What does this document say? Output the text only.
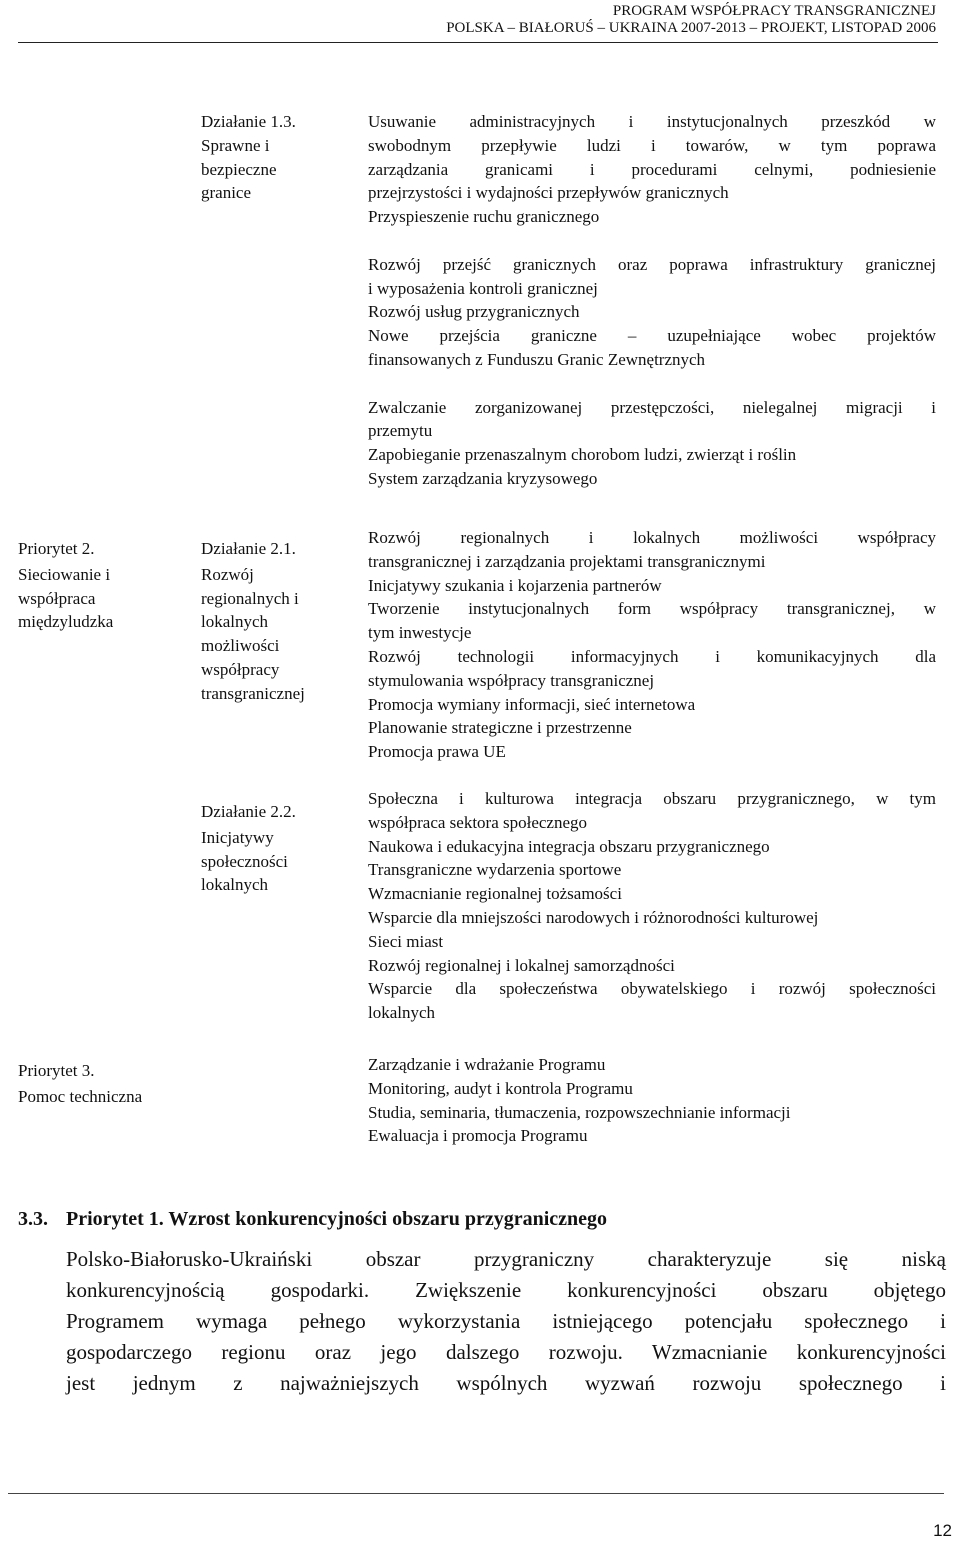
PROGRAM WSPÓŁPRACY TRANSGRANICZNEJ
POLSKA – BIAŁORUŚ – UKRAINA 2007-2013 – PROJEKT, LISTOPAD 2006
Działanie 1.3.
Sprawne i
bezpieczne
granice
Usuwanie administracyjnych i instytucjonalnych przeszkód w
swobodnym przepływie ludzi i towarów, w tym poprawa
zarządzania granicami i procedurami celnymi, podniesienie
przejrzystości i wydajności przepływów granicznych
Przyspieszenie ruchu granicznego

Rozwój przejść granicznych oraz poprawa infrastruktury granicznej
i wyposażenia kontroli granicznej
Rozwój usług przygranicznych
Nowe przejścia graniczne – uzupełniające wobec projektów
finansowanych z Funduszu Granic Zewnętrznych

Zwalczanie zorganizowanej przestępczości, nielegalnej migracji i
przemytu
Zapobieganie przenaszalnym chorobom ludzi, zwierząt i roślin
System zarządzania kryzysowego
Priorytet 2.
Sieciowanie i
współpraca
międzyludzka
Działanie 2.1.
Rozwój
regionalnych i
lokalnych
możliwości
współpracy
transgranicznej
Rozwój regionalnych i lokalnych możliwości współpracy
transgranicznej i zarządzania projektami transgranicznymi
Inicjatywy szukania i kojarzenia partnerów
Tworzenie instytucjonalnych form współpracy transgranicznej, w
tym inwestycje
Rozwój technologii informacyjnych i komunikacyjnych dla
stymulowania współpracy transgranicznej
Promocja wymiany informacji, sieć internetowa
Planowanie strategiczne i przestrzenne
Promocja prawa UE
Działanie 2.2.
Inicjatywy
społeczności
lokalnych
Społeczna i kulturowa integracja obszaru przygranicznego, w tym
współpraca sektora społecznego
Naukowa i edukacyjna integracja obszaru przygranicznego
Transgraniczne wydarzenia sportowe
Wzmacnianie regionalnej tożsamości
Wsparcie dla mniejszości narodowych i różnorodności kulturowej
Sieci miast
Rozwój regionalnej i lokalnej samorządności
Wsparcie dla społeczeństwa obywatelskiego i rozwój społeczności
lokalnych
Priorytet 3.
Pomoc techniczna
Zarządzanie i wdrażanie Programu
Monitoring, audyt i kontrola Programu
Studia, seminaria, tłumaczenia, rozpowszechnianie informacji
Ewaluacja i promocja Programu
3.3. Priorytet 1. Wzrost konkurencyjności obszaru przygranicznego
Polsko-Białorusko-Ukraiński obszar przygraniczny charakteryzuje się niską
konkurencyjnością gospodarki. Zwiększenie konkurencyjności obszaru objętego
Programem wymaga pełnego wykorzystania istniejącego potencjału społecznego i
gospodarczego regionu oraz jego dalszego rozwoju. Wzmacnianie konkurencyjności
jest jednym z najważniejszych wspólnych wyzwań rozwoju społecznego i
12
